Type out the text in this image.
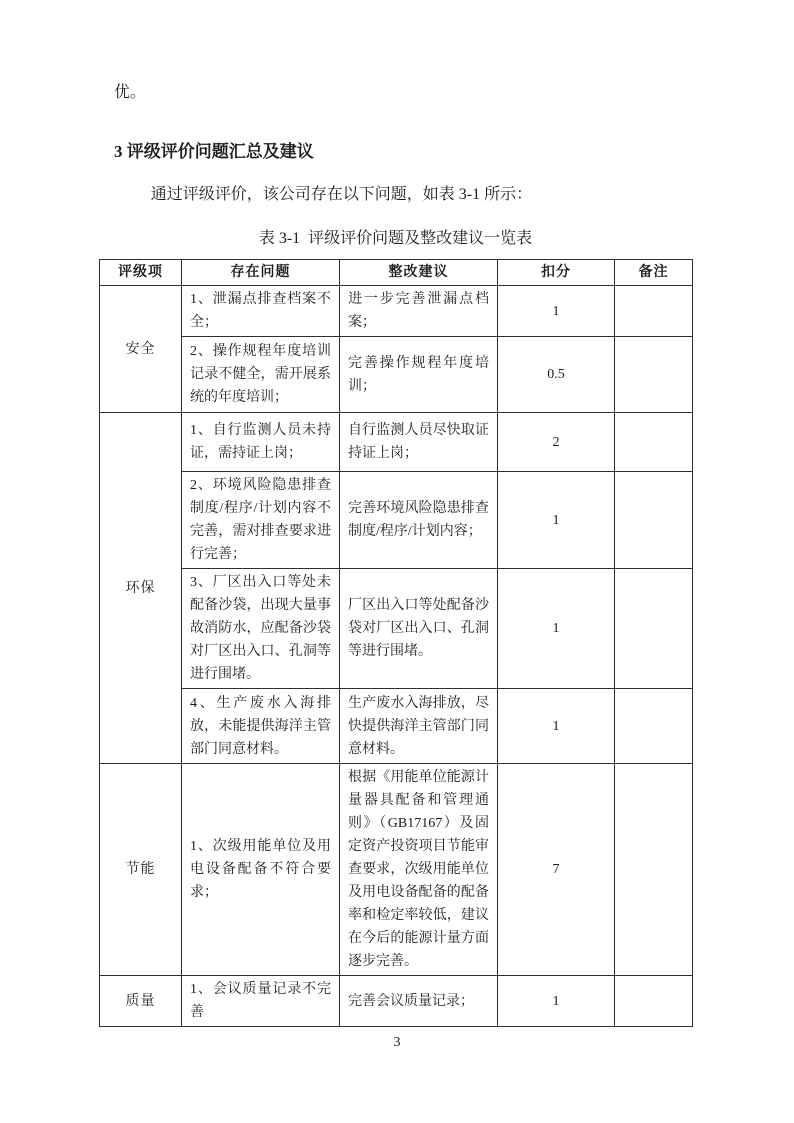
优。

3 评级评价问题汇总及建议

通过评级评价，该公司存在以下问题，如表 3-1 所示：

表 3-1  评级评价问题及整改建议一览表

评级项	存在问题	整改建议	扣分	备注
安全	1、泄漏点排查档案不全；	进一步完善泄漏点档案；	1	
	2、操作规程年度培训记录不健全，需开展系统的年度培训；	完善操作规程年度培训；	0.5	
环保	1、自行监测人员未持证，需持证上岗；	自行监测人员尽快取证持证上岗；	2	
	2、环境风险隐患排查制度/程序/计划内容不完善，需对排查要求进行完善；	完善环境风险隐患排查制度/程序/计划内容；	1	
	3、厂区出入口等处未配备沙袋，出现大量事故消防水，应配备沙袋对厂区出入口、孔洞等进行围堵。	厂区出入口等处配备沙袋对厂区出入口、孔洞等进行围堵。	1	
	4、生产废水入海排放，未能提供海洋主管部门同意材料。	生产废水入海排放，尽快提供海洋主管部门同意材料。	1	
节能	1、次级用能单位及用电设备配备不符合要求；	根据《用能单位能源计量器具配备和管理通则》（GB17167）及固定资产投资项目节能审查要求，次级用能单位及用电设备配备的配备率和检定率较低，建议在今后的能源计量方面逐步完善。	7	
质量	1、会议质量记录不完善	完善会议质量记录；	1	
3
